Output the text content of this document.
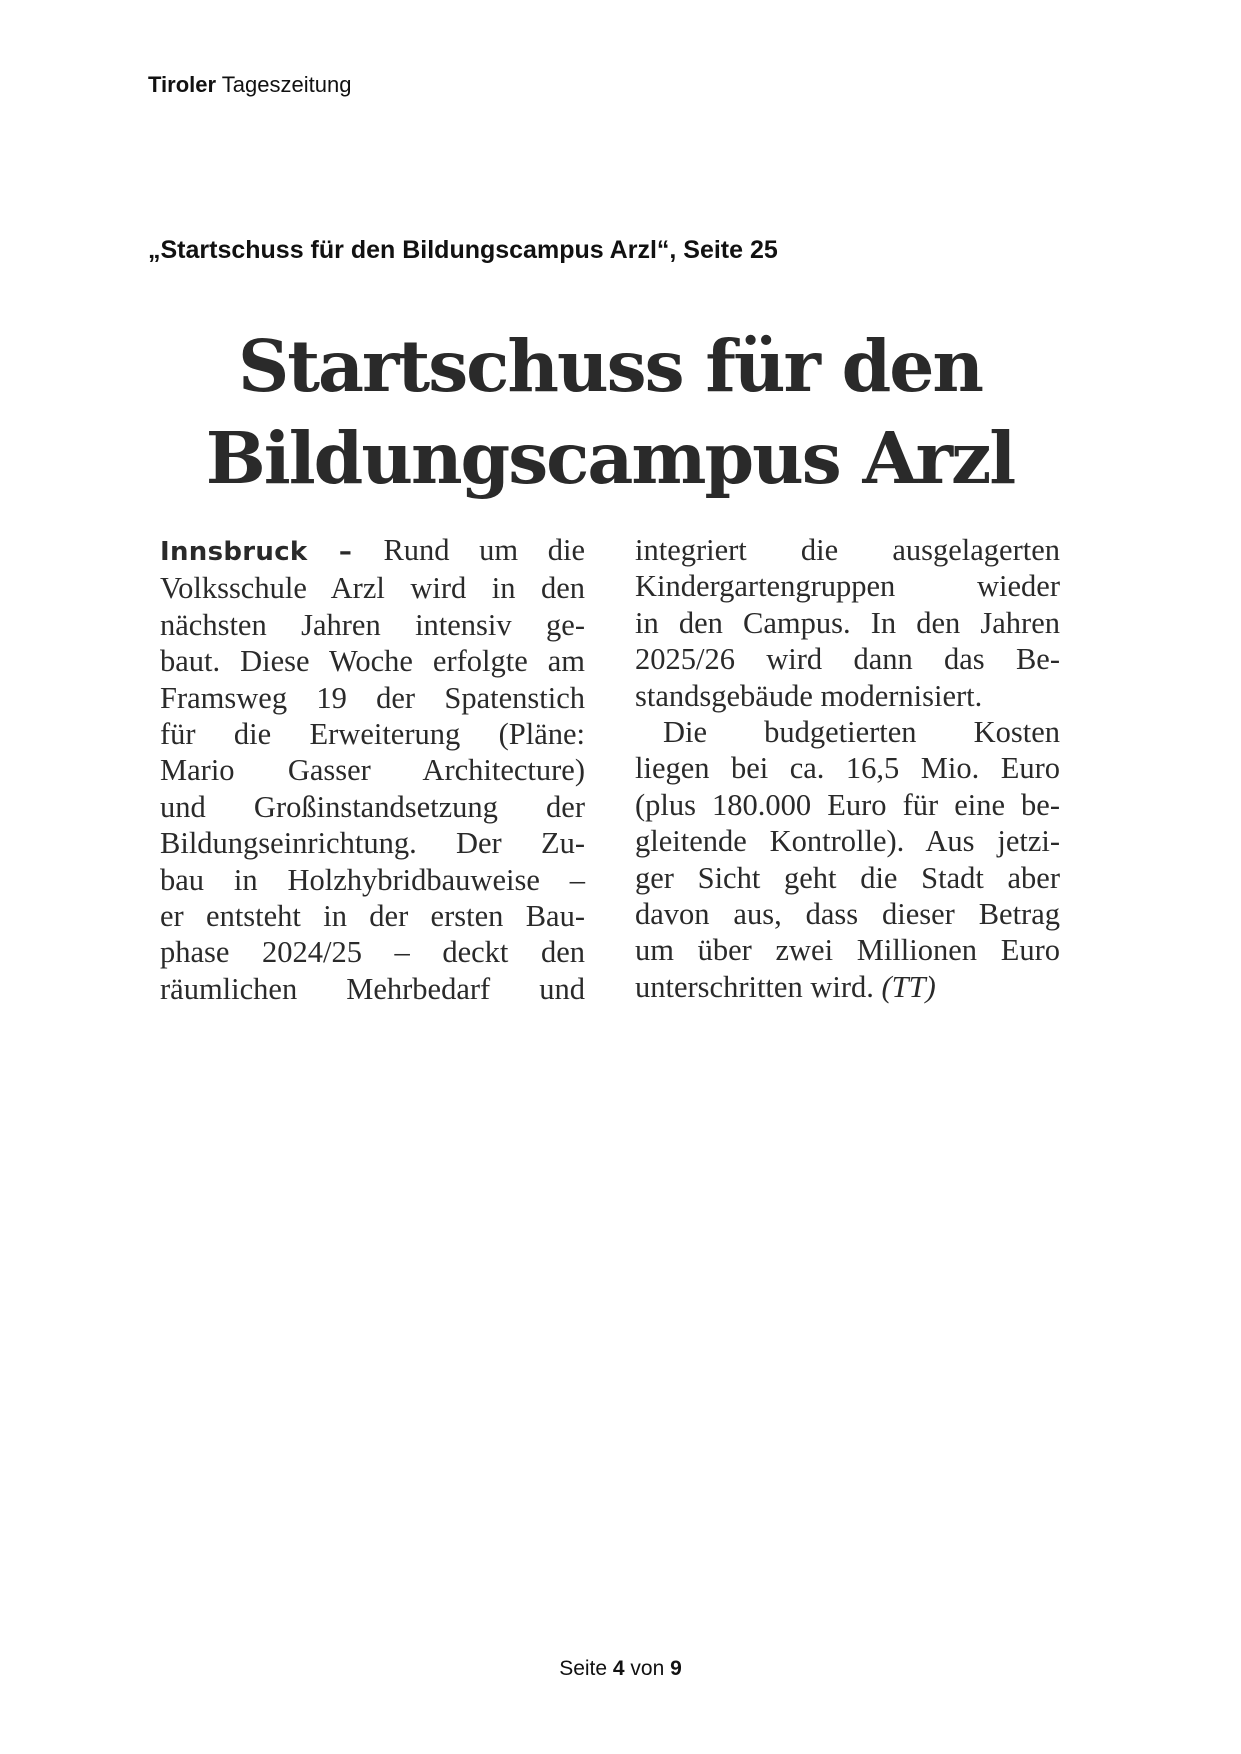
Tiroler Tageszeitung
„Startschuss für den Bildungscampus Arzl“, Seite 25
Startschuss für den
Bildungscampus Arzl
Innsbruck – Rund um die
Volksschule Arzl wird in den
nächsten Jahren intensiv ge-
baut. Diese Woche erfolgte am
Framsweg 19 der Spatenstich
für die Erweiterung (Pläne:
Mario Gasser Architecture)
und Großinstandsetzung der
Bildungseinrichtung. Der Zu-
bau in Holzhybridbauweise –
er entsteht in der ersten Bau-
phase 2024/25 – deckt den
räumlichen Mehrbedarf und
integriert die ausgelagerten
Kindergartengruppen wieder
in den Campus. In den Jahren
2025/26 wird dann das Be-
standsgebäude modernisiert.
Die budgetierten Kosten
liegen bei ca. 16,5 Mio. Euro
(plus 180.000 Euro für eine be-
gleitende Kontrolle). Aus jetzi-
ger Sicht geht die Stadt aber
davon aus, dass dieser Betrag
um über zwei Millionen Euro
unterschritten wird. (TT)
Seite 4 von 9
